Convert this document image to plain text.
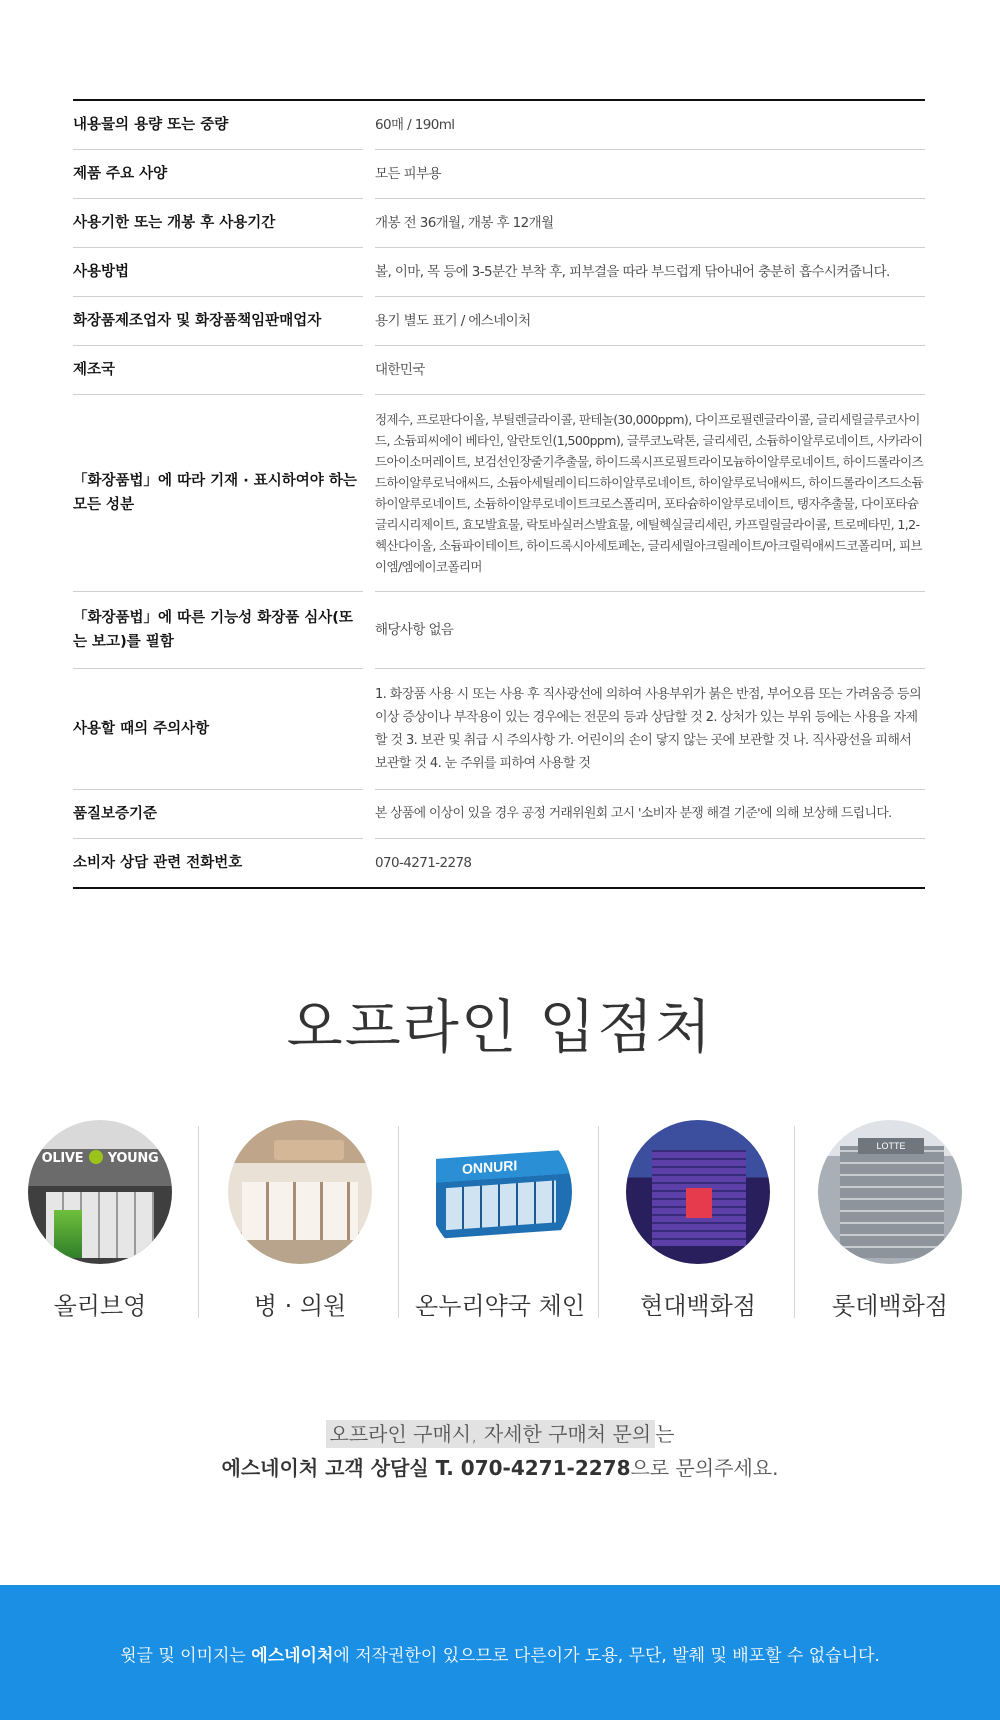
내용물의 용량 또는 중량		60매 / 190ml
제품 주요 사양		모든 피부용
사용기한 또는 개봉 후 사용기간		개봉 전 36개월, 개봉 후 12개월
사용방법		볼, 이마, 목 등에 3-5분간 부착 후, 피부결을 따라 부드럽게 닦아내어 충분히 흡수시켜줍니다.
화장품제조업자 및 화장품책임판매업자		용기 별도 표기 / 에스네이처
제조국		대한민국
「화장품법」에 따라 기재 · 표시하여야 하는 모든 성분		정제수, 프로판다이올, 부틸렌글라이콜, 판테놀(30,000ppm), 다이프로필렌글라이콜, 글리세릴글루코사이드, 소듐피씨에이 베타인, 알란토인(1,500ppm), 글루코노락톤, 글리세린, 소듐하이알루로네이트, 사카라이드아이소머레이트, 보검선인장줄기추출물, 하이드록시프로필트라이모늄하이알루로네이트, 하이드롤라이즈드하이알루로닉애씨드, 소듐아세틸레이티드하이알루로네이트, 하이알루로닉애씨드, 하이드롤라이즈드소듐하이알루로네이트, 소듐하이알루로네이트크로스폴리머, 포타슘하이알루로네이트, 탱자추출물, 다이포타슘글리시리제이트, 효모발효물, 락토바실러스발효물, 에틸헥실글리세린, 카프릴릴글라이콜, 트로메타민, 1,2-헥산다이올, 소듐파이테이트, 하이드록시아세토페논, 글리세릴아크릴레이트/아크릴릭애씨드코폴리머, 피브이엠/엠에이코폴리머
「화장품법」에 따른 기능성 화장품 심사(또는 보고)를 필함		해당사항 없음
사용할 때의 주의사항		1. 화장품 사용 시 또는 사용 후 직사광선에 의하여 사용부위가 붉은 반점, 부어오름 또는 가려움증 등의 이상 증상이나 부작용이 있는 경우에는 전문의 등과 상담할 것 2. 상처가 있는 부위 등에는 사용을 자제할 것 3. 보관 및 취급 시 주의사항 가. 어린이의 손이 닿지 않는 곳에 보관할 것 나. 직사광선을 피해서 보관할 것 4. 눈 주위를 피하여 사용할 것
품질보증기준		본 상품에 이상이 있을 경우 공정 거래위원회 고시 '소비자 분쟁 해결 기준'에 의해 보상해 드립니다.
소비자 상담 관련 전화번호		070-4271-2278
오프라인 입점처
OLIVE  YOUNG
올리브영	병 · 의원
ONNURI
온누리약국 체인	현대백화점
LOTTE
롯데백화점
오프라인 구매시, 자세한 구매처 문의 는
에스네이처 고객 상담실 T. 070-4271-2278으로 문의주세요.
윗글 및 이미지는 에스네이처에 저작권한이 있으므로 다른이가 도용, 무단, 발췌 및 배포할 수 없습니다.
